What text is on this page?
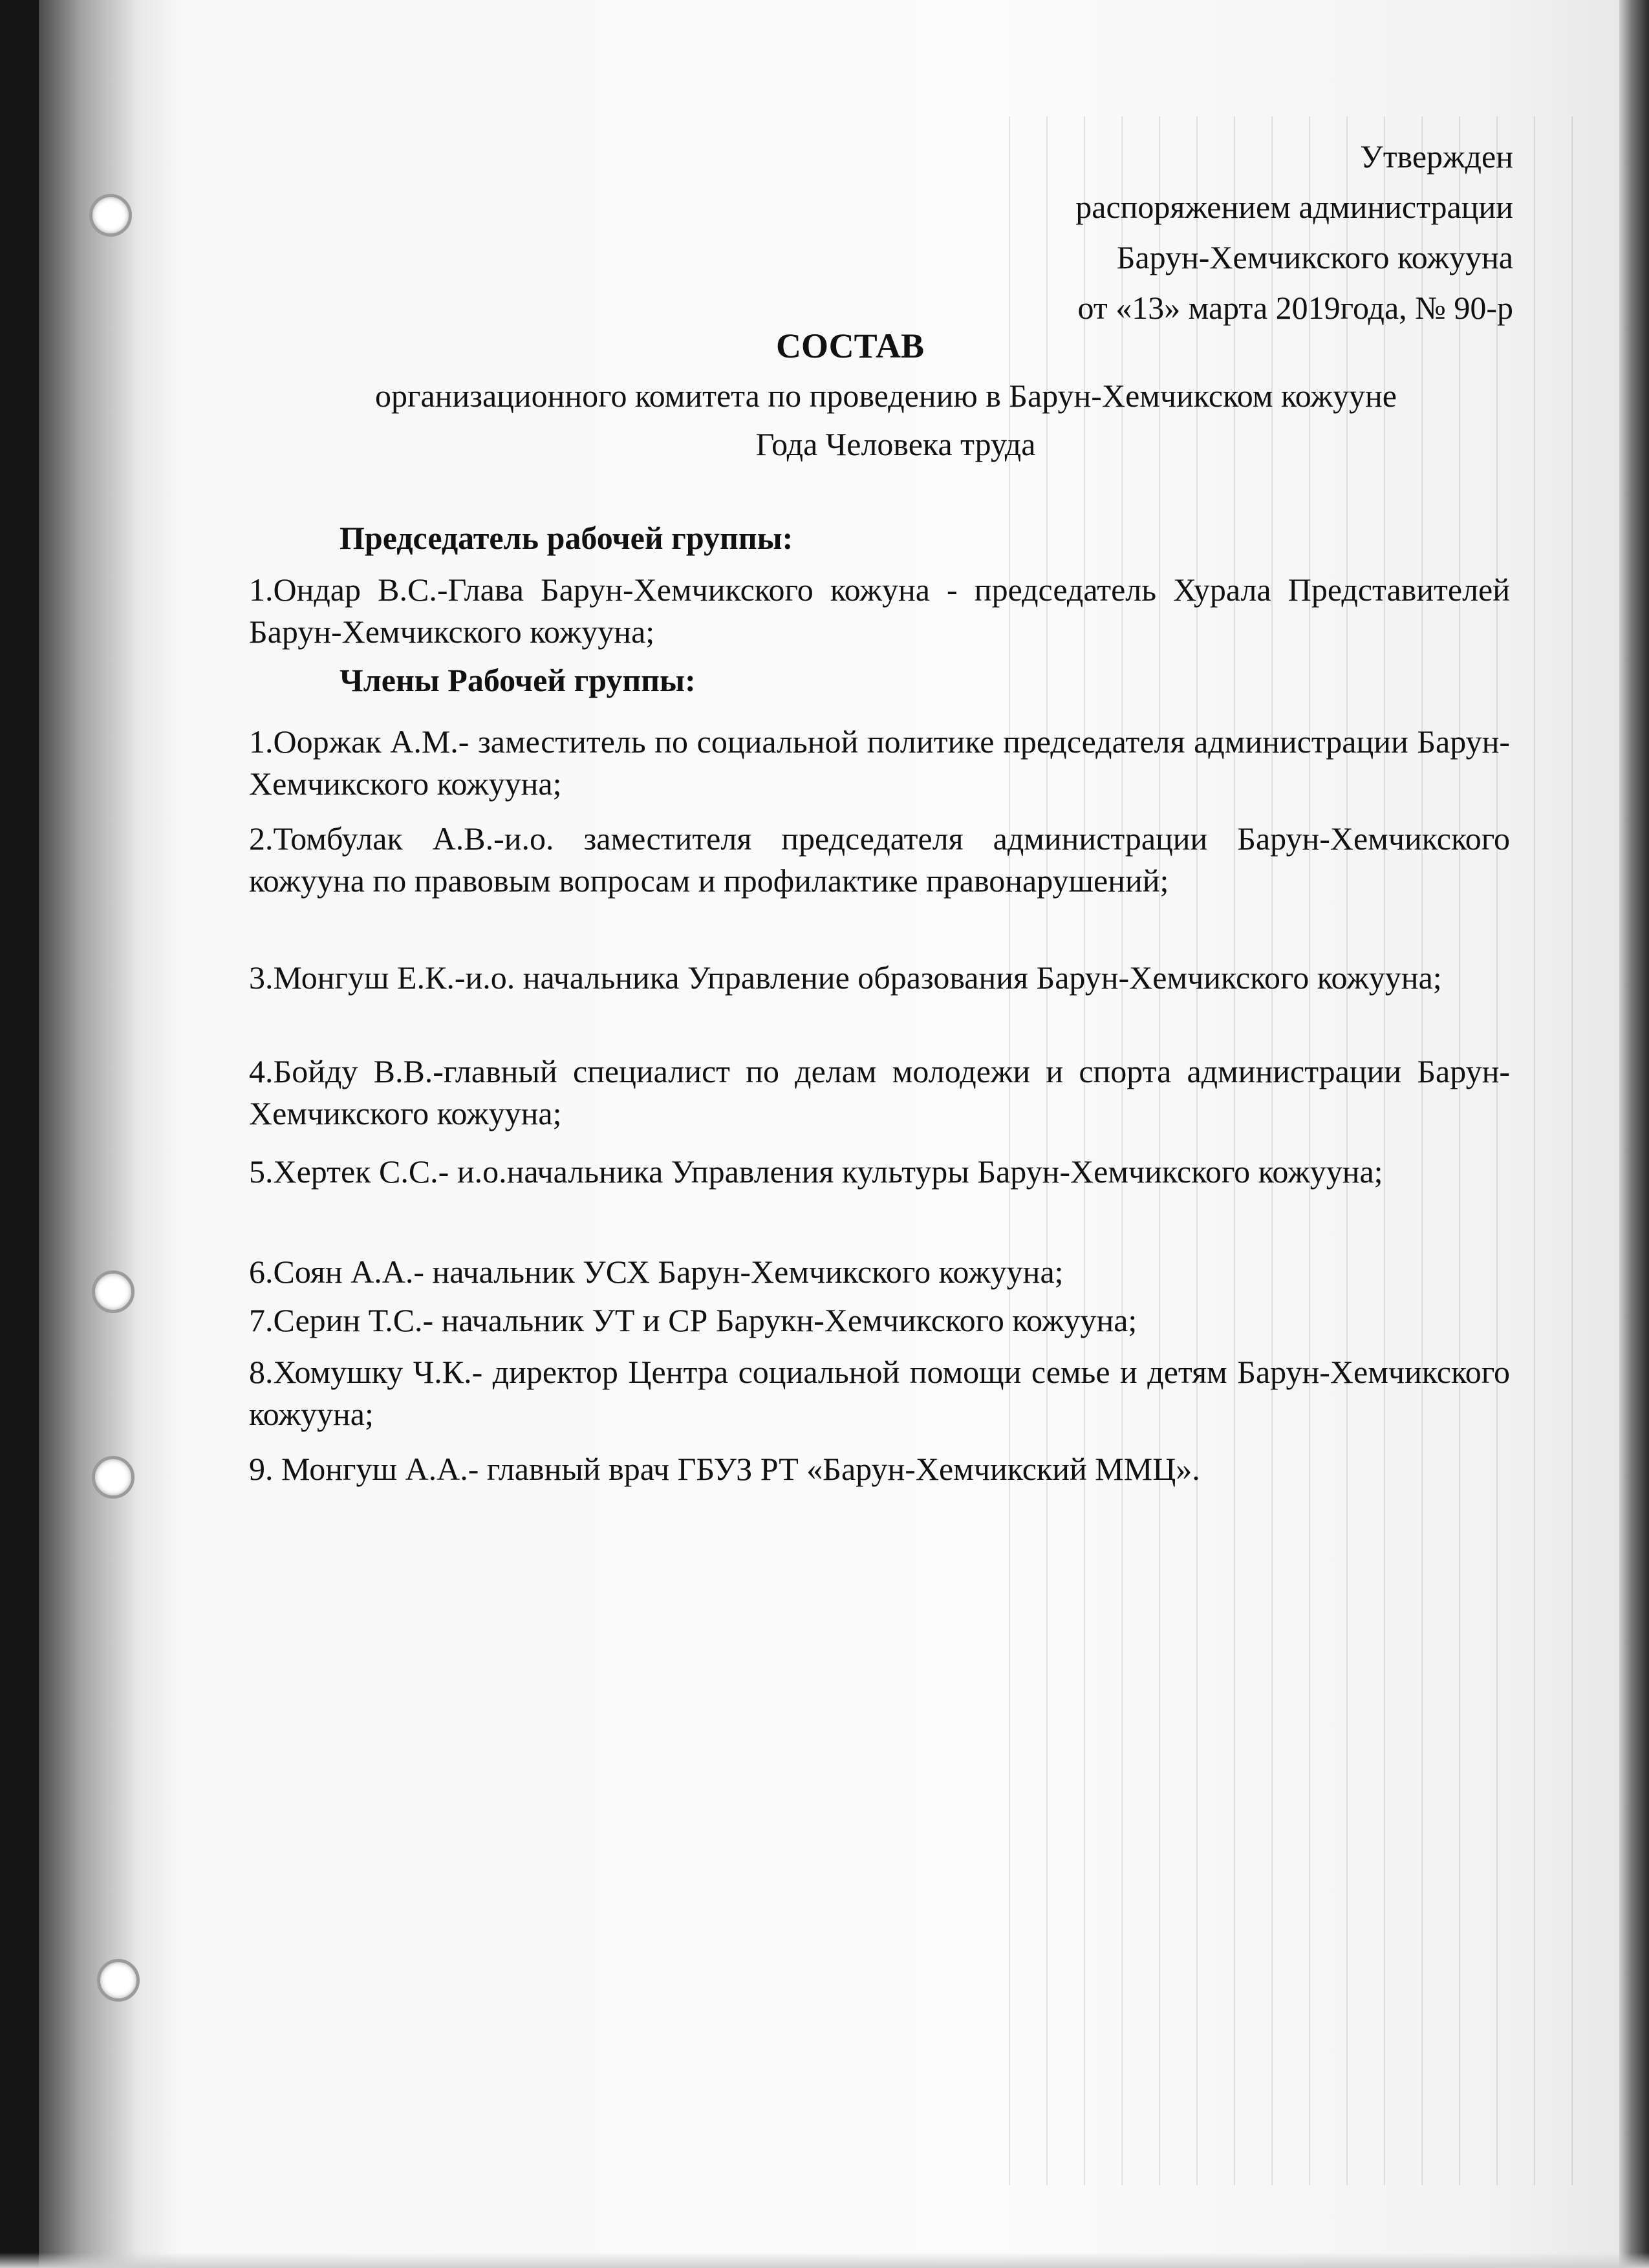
Утвержден
распоряжением администрации
Барун-Хемчикского кожууна
от «13» марта 2019года, № 90-р
СОСТАВ
организационного комитета по проведению в Барун-Хемчикском кожууне
Года Человека труда
Председатель рабочей группы:
1.Ондар В.С.-Глава Барун-Хемчикского кожуна - председатель Хурала Представителей Барун-Хемчикского кожууна;
Члены Рабочей группы:
1.Ооржак А.М.- заместитель по социальной политике председателя администрации Барун-Хемчикского кожууна;
2.Томбулак А.В.-и.о. заместителя председателя администрации Барун-Хемчикского кожууна по правовым вопросам и профилактике правонарушений;
3.Монгуш Е.К.-и.о. начальника Управление образования Барун-Хемчикского кожууна;
4.Бойду В.В.-главный специалист по делам молодежи и спорта администрации Барун-Хемчикского кожууна;
5.Хертек С.С.- и.о.начальника Управления культуры Барун-Хемчикского кожууна;
6.Соян А.А.- начальник УСХ Барун-Хемчикского кожууна;
7.Серин Т.С.- начальник УТ и СР Барукн-Хемчикского кожууна;
8.Хомушку Ч.К.- директор Центра социальной помощи семье и детям Барун-Хемчикского кожууна;
9. Монгуш А.А.- главный врач ГБУЗ РТ «Барун-Хемчикский ММЦ».
